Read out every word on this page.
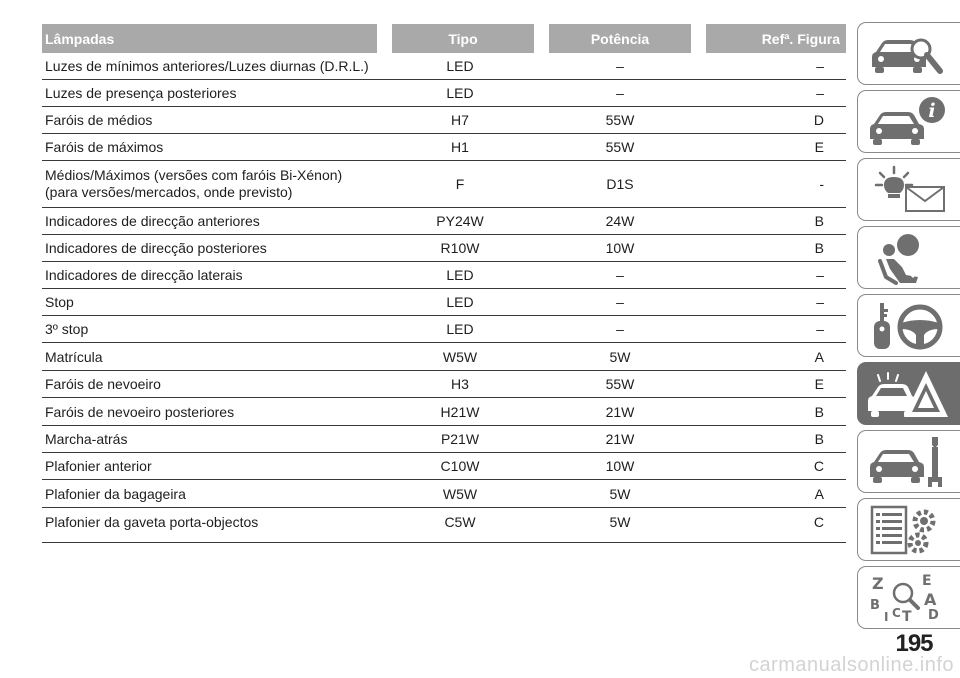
Lâmpadas	Tipo	Potência	Refª. Figura
Luzes de mínimos anteriores/Luzes diurnas (D.R.L.)	LED	–	–
Luzes de presença posteriores	LED	–	–
Faróis de médios	H7	55W	D
Faróis de máximos	H1	55W	E
Médios/Máximos (versões com faróis Bi-Xénon)
(para versões/mercados, onde previsto)	F	D1S	-
Indicadores de direcção anteriores	PY24W	24W	B
Indicadores de direcção posteriores	R10W	10W	B
Indicadores de direcção laterais	LED	–	–
Stop	LED	–	–
3º stop	LED	–	–
Matrícula	W5W	5W	A
Faróis de nevoeiro	H3	55W	E
Faróis de nevoeiro posteriores	H21W	21W	B
Marcha-atrás	P21W	21W	B
Plafonier anterior	C10W	10W	C
Plafonier da bagageira	W5W	5W	A
Plafonier da gaveta porta-objectos	C5W	5W	C
i
Z	E
B	A
C T D
I
195
carmanualsonline.info
